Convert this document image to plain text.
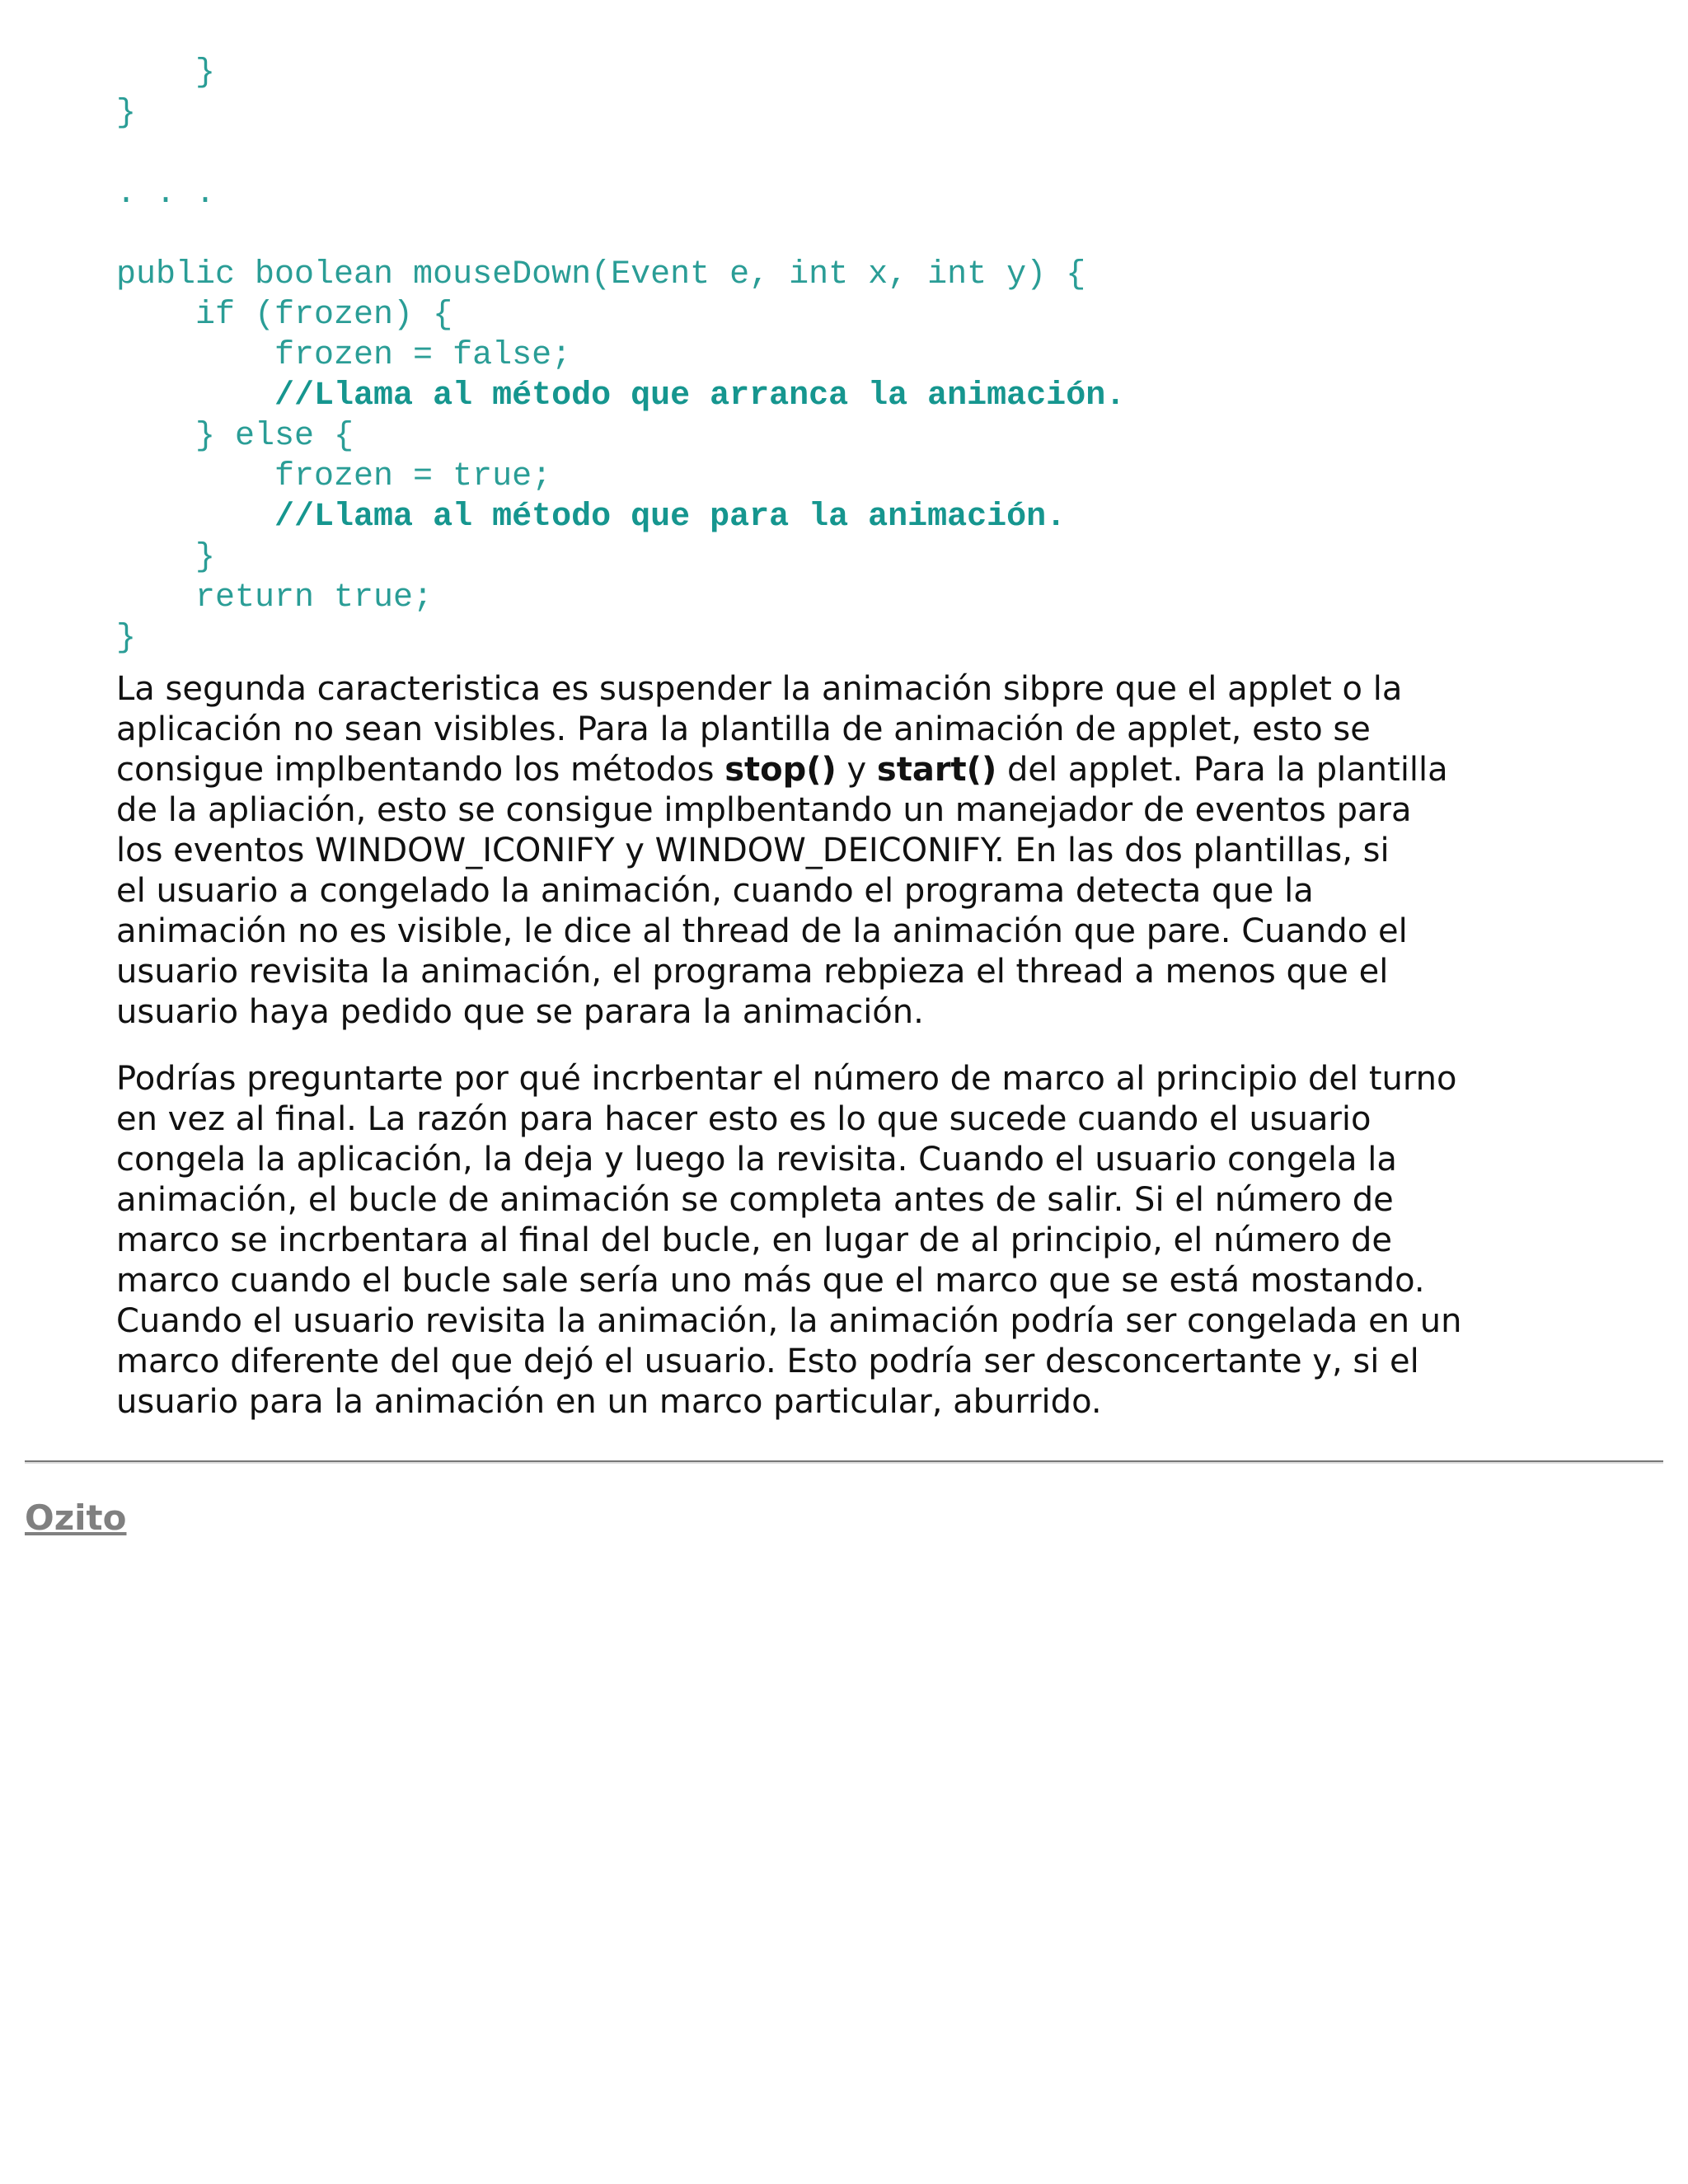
}
}
. . .
public boolean mouseDown(Event e, int x, int y) {
if (frozen) {
frozen = false;
//Llama al método que arranca la animación.
} else {
frozen = true;
//Llama al método que para la animación.
}
return true;
}
La segunda caracteristica es suspender la animación sibpre que el applet o la
aplicación no sean visibles. Para la plantilla de animación de applet, esto se
consigue implbentando los métodos stop() y start() del applet. Para la plantilla
de la apliación, esto se consigue implbentando un manejador de eventos para
los eventos WINDOW_ICONIFY y WINDOW_DEICONIFY. En las dos plantillas, si
el usuario a congelado la animación, cuando el programa detecta que la
animación no es visible, le dice al thread de la animación que pare. Cuando el
usuario revisita la animación, el programa rebpieza el thread a menos que el
usuario haya pedido que se parara la animación.
Podrías preguntarte por qué incrbentar el número de marco al principio del turno
en vez al final. La razón para hacer esto es lo que sucede cuando el usuario
congela la aplicación, la deja y luego la revisita. Cuando el usuario congela la
animación, el bucle de animación se completa antes de salir. Si el número de
marco se incrbentara al final del bucle, en lugar de al principio, el número de
marco cuando el bucle sale sería uno más que el marco que se está mostando.
Cuando el usuario revisita la animación, la animación podría ser congelada en un
marco diferente del que dejó el usuario. Esto podría ser desconcertante y, si el
usuario para la animación en un marco particular, aburrido.
Ozito
